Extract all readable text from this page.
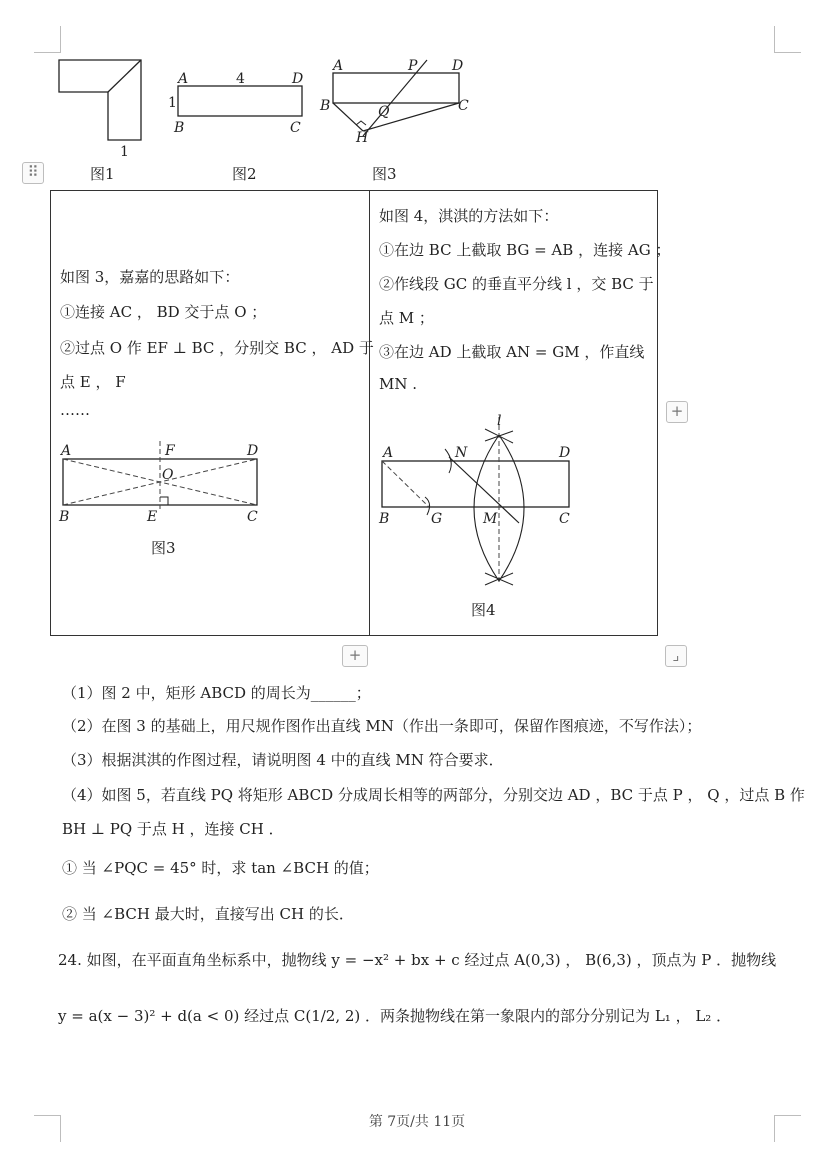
1
图1
A	4	D
1
B	C
图2
A	P D
B	Q	C
H
图3
⠿
如图 3，嘉嘉的思路如下：
①连接 AC ， BD 交于点 O ；
②过点 O 作 EF ⊥ BC ，分别交 BC ， AD 于
点 E ， F
……
A	F	D
O
B	E	C
图3
如图 4，淇淇的方法如下：
①在边 BC 上截取 BG = AB ，连接 AG ；
②作线段 GC 的垂直平分线 l ，交 BC 于
点 M ；
③在边 AD 上截取 AN = GM ，作直线
MN .
l
A	N	D
B	G	M	C
图4
+
+	⌟
（1）图 2 中，矩形 ABCD 的周长为______；
（2）在图 3 的基础上，用尺规作图作出直线 MN（作出一条即可，保留作图痕迹，不写作法）；
（3）根据淇淇的作图过程，请说明图 4 中的直线 MN 符合要求．
（4）如图 5，若直线 PQ 将矩形 ABCD 分成周长相等的两部分，分别交边 AD ，BC 于点 P ， Q ，过点 B 作
BH ⊥ PQ 于点 H ，连接 CH ．
① 当 ∠PQC = 45° 时，求 tan ∠BCH 的值；
② 当 ∠BCH 最大时，直接写出 CH 的长．
24. 如图，在平面直角坐标系中，抛物线 y = −x² + bx + c 经过点 A(0,3) ， B(6,3) ，顶点为 P ．抛物线
y = a(x − 3)² + d(a < 0) 经过点 C(1/2, 2) ．两条抛物线在第一象限内的部分分别记为 L₁ ， L₂ ．
第 7页/共 11页
